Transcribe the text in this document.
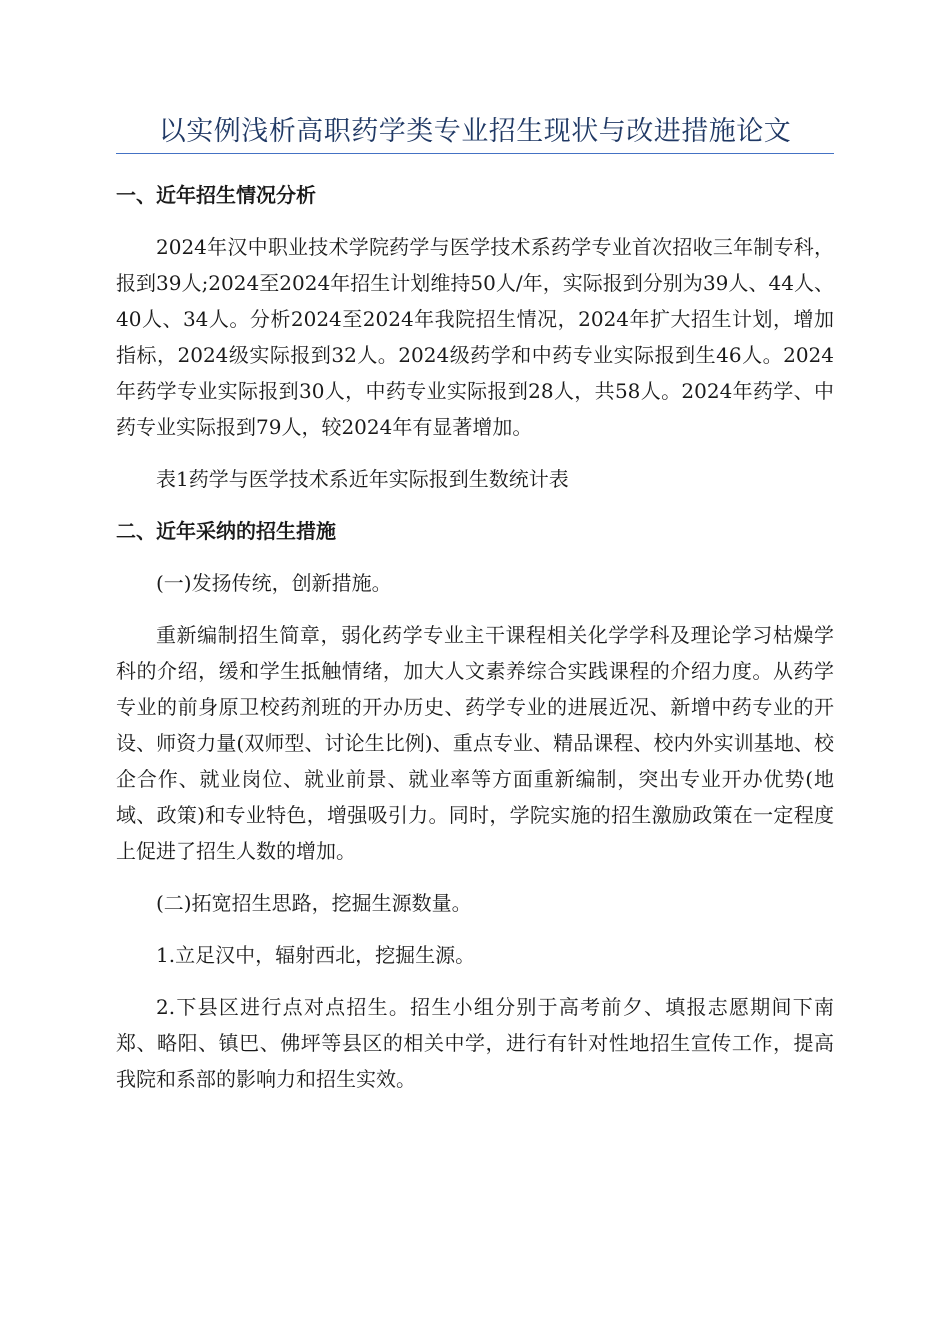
以实例浅析高职药学类专业招生现状与改进措施论文
一、近年招生情况分析

2024年汉中职业技术学院药学与医学技术系药学专业首次招收三年制专科，报到39人;2024至2024年招生计划维持50人/年，实际报到分别为39人、44人、40人、34人。分析2024至2024年我院招生情况，2024年扩大招生计划，增加指标，2024级实际报到32人。2024级药学和中药专业实际报到生46人。2024年药学专业实际报到30人，中药专业实际报到28人，共58人。2024年药学、中药专业实际报到79人，较2024年有显著增加。

表1药学与医学技术系近年实际报到生数统计表

二、近年采纳的招生措施

(一)发扬传统，创新措施。

重新编制招生简章，弱化药学专业主干课程相关化学学科及理论学习枯燥学科的介绍，缓和学生抵触情绪，加大人文素养综合实践课程的介绍力度。从药学专业的前身原卫校药剂班的开办历史、药学专业的进展近况、新增中药专业的开设、师资力量(双师型、讨论生比例)、重点专业、精品课程、校内外实训基地、校企合作、就业岗位、就业前景、就业率等方面重新编制，突出专业开办优势(地域、政策)和专业特色，增强吸引力。同时，学院实施的招生激励政策在一定程度上促进了招生人数的增加。

(二)拓宽招生思路，挖掘生源数量。

1.立足汉中，辐射西北，挖掘生源。

2.下县区进行点对点招生。招生小组分别于高考前夕、填报志愿期间下南郑、略阳、镇巴、佛坪等县区的相关中学，进行有针对性地招生宣传工作，提高我院和系部的影响力和招生实效。
